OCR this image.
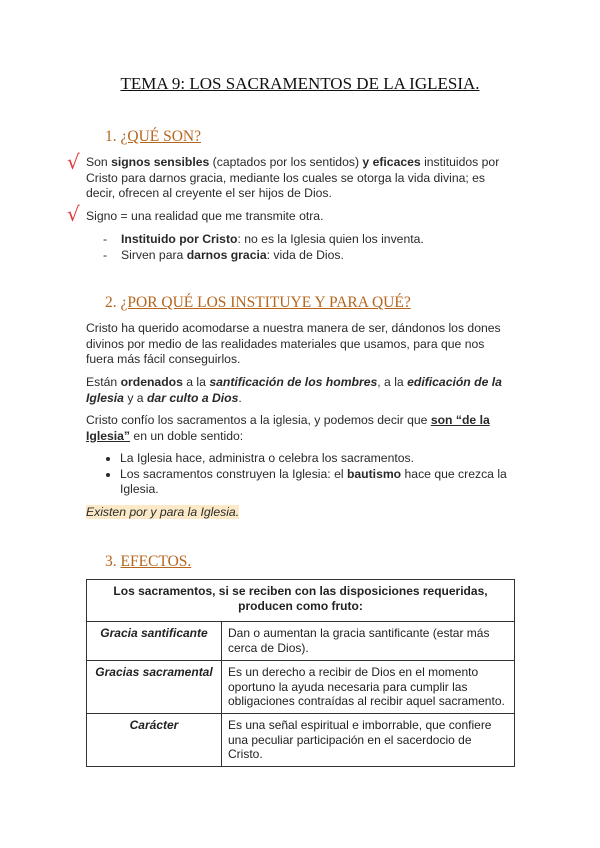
TEMA 9: LOS SACRAMENTOS DE LA IGLESIA.
1. ¿QUÉ SON?
√ Son signos sensibles (captados por los sentidos) y eficaces instituidos por Cristo para darnos gracia, mediante los cuales se otorga la vida divina; es decir, ofrecen al creyente el ser hijos de Dios.
√ Signo = una realidad que me transmite otra.
- Instituido por Cristo: no es la Iglesia quien los inventa.
- Sirven para darnos gracia: vida de Dios.
2. ¿POR QUÉ LOS INSTITUYE Y PARA QUÉ?
Cristo ha querido acomodarse a nuestra manera de ser, dándonos los dones divinos por medio de las realidades materiales que usamos, para que nos fuera más fácil conseguirlos.
Están ordenados a la santificación de los hombres, a la edificación de la Iglesia y a dar culto a Dios.
Cristo confío los sacramentos a la iglesia, y podemos decir que son “de la Iglesia” en un doble sentido:
• La Iglesia hace, administra o celebra los sacramentos.
• Los sacramentos construyen la Iglesia: el bautismo hace que crezca la Iglesia.
Existen por y para la Iglesia.
3. EFECTOS.
Los sacramentos, si se reciben con las disposiciones requeridas, producen como fruto:	
Gracia santificante	Dan o aumentan la gracia santificante (estar más cerca de Dios).
Gracias sacramental	Es un derecho a recibir de Dios en el momento oportuno la ayuda necesaria para cumplir las obligaciones contraídas al recibir aquel sacramento.
Carácter	Es una señal espiritual e imborrable, que confiere una peculiar participación en el sacerdocio de Cristo.
